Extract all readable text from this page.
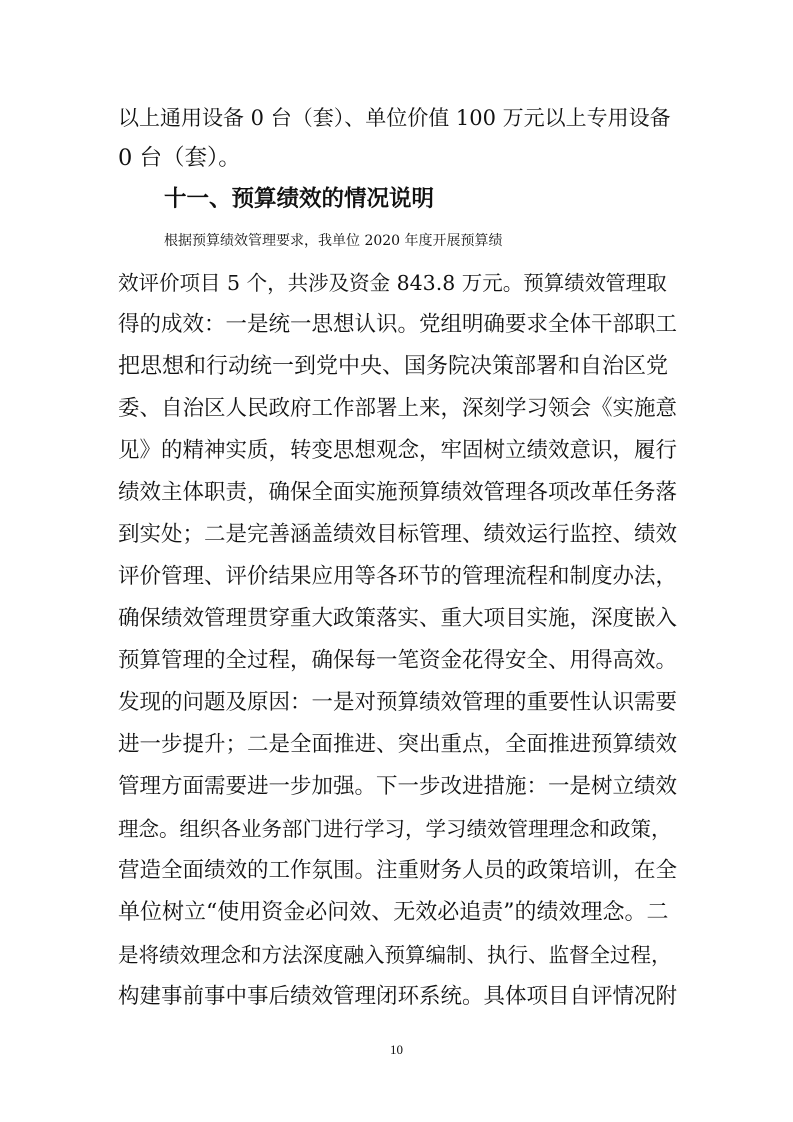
以上通用设备 0 台（套）、单位价值 100 万元以上专用设备
0 台（套）。
十一、预算绩效的情况说明
根据预算绩效管理要求，我单位 2020 年度开展预算绩
效评价项目 5 个，共涉及资金 843.8 万元。预算绩效管理取
得的成效：一是统一思想认识。党组明确要求全体干部职工
把思想和行动统一到党中央、国务院决策部署和自治区党
委、自治区人民政府工作部署上来，深刻学习领会《实施意
见》的精神实质，转变思想观念，牢固树立绩效意识，履行
绩效主体职责，确保全面实施预算绩效管理各项改革任务落
到实处；二是完善涵盖绩效目标管理、绩效运行监控、绩效
评价管理、评价结果应用等各环节的管理流程和制度办法，
确保绩效管理贯穿重大政策落实、重大项目实施，深度嵌入
预算管理的全过程，确保每一笔资金花得安全、用得高效。
发现的问题及原因：一是对预算绩效管理的重要性认识需要
进一步提升；二是全面推进、突出重点，全面推进预算绩效
管理方面需要进一步加强。下一步改进措施：一是树立绩效
理念。组织各业务部门进行学习，学习绩效管理理念和政策，
营造全面绩效的工作氛围。注重财务人员的政策培训，在全
单位树立“使用资金必问效、无效必追责”的绩效理念。二
是将绩效理念和方法深度融入预算编制、执行、监督全过程，
构建事前事中事后绩效管理闭环系统。具体项目自评情况附
10
